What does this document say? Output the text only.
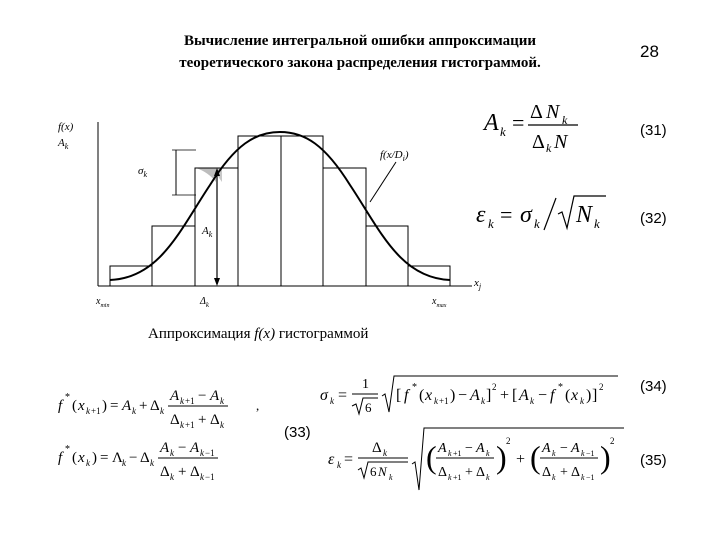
Вычисление интегральной ошибки аппроксимации
теоретического закона распределения гистограммой.
28
f(x)
$A_k$
$\sigma_k$
$A_k$
$f(x/D_i)$
$x_j$
$x_{min}$	$\Delta_k$	$x_{max}$
Аппроксимация f(x) гистограммой
A k = Δ N k
Δ k N
(31)
ε k = σ k N k	(32)
f
*
( x k +1 ) = A k + Δ k
A k +1 − A k
Δ k +1 + Δ k
,
f
*
( x k ) = Λ k − Δ k
A k − A k −1
Δ k + Δ k −1
(33)
σ k =
1
6
[ f * ( x k +1 ) − A k ] 2 + [ A k − f * ( x k ) ] 2 (34)
ε k =
Δ k
6 N k
( A k +1 − A k
Δ k +1 + Δ k
) 2
+ ( A k − A k −1
Δ k + Δ k −1
) 2
(35)
